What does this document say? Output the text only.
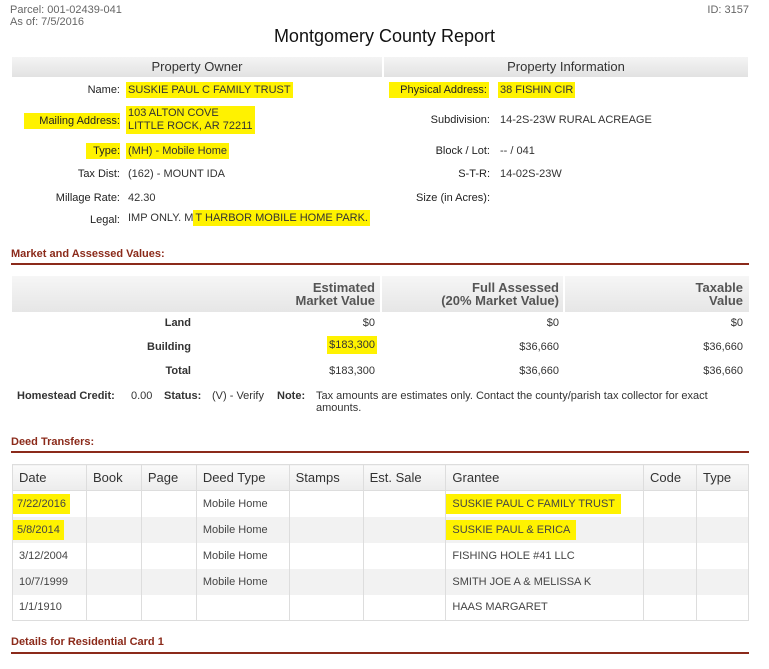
Parcel: 001-02439-041
As of: 7/5/2016
ID: 3157
Montgomery County Report
Property Owner	Property Information
Name: SUSKIE PAUL C FAMILY TRUST
Mailing Address:
103 ALTON COVE
LITTLE ROCK, AR 72211
Type: (MH) - Mobile Home
Tax Dist: (162) - MOUNT IDA
Millage Rate: 42.30
Legal: IMP ONLY. M T HARBOR MOBILE HOME PARK.
Physical Address: 38 FISHIN CIR
Subdivision: 14-2S-23W RURAL ACREAGE
Block / Lot: -- / 041
S-T-R: 14-02S-23W
Size (in Acres):
Market and Assessed Values:
Estimated
Market Value
Full Assessed
(20% Market Value)
Taxable
Value
Land	$0	$0	$0
Building	$183,300	$36,660	$36,660
Total	$183,300	$36,660	$36,660
Homestead Credit: 0.00 Status: (V) - Verify Note: Tax amounts are estimates only. Contact the county/parish tax collector for exact
amounts.
Deed Transfers:
Date	Book	Page	Deed Type	Stamps	Est. Sale	Grantee	Code	Type
7/22/2016			Mobile Home			SUSKIE PAUL C FAMILY TRUST		
5/8/2014			Mobile Home			SUSKIE PAUL & ERICA		
3/12/2004			Mobile Home			FISHING HOLE #41 LLC		
10/7/1999			Mobile Home			SMITH JOE A & MELISSA K		
1/1/1910						HAAS MARGARET		
Details for Residential Card 1
